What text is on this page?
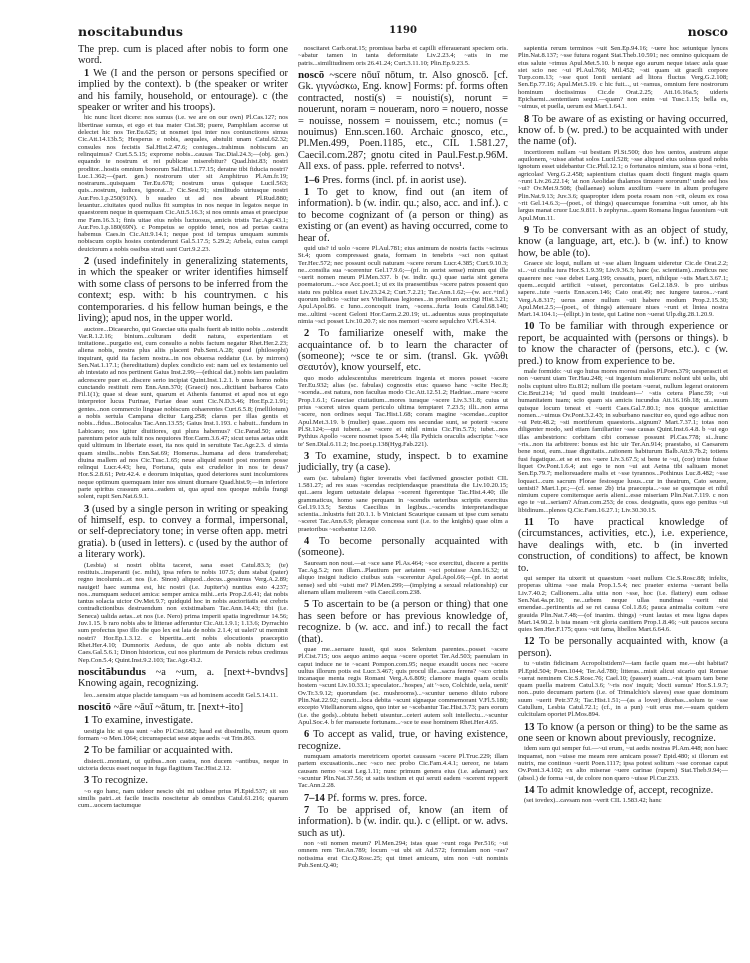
noscitabundus	1190	nosco

The prep. cum is placed after nobis to form one word.

1 We (I and the person or persons specified or implied by the context). b (the speaker or writer and his family, household, or entourage). c (the speaker or writer and his troops).

hic nunc licet dicere: nos sumus (i.e. we are on our own) Pl.Cas.127; nos libertinae sumus, et ego et tua mater Cist.38; puere, Pamphilam accerse ut delectet hic nos Ter.Eu.625; ut nosmet ipsi inter nos coniunctiores simus Cic.Att.14.13b.5; Hesperus e nobis, aequales, abstulit unam Catul.62.32; consules nos fecistis Sal.Hist.2.47.6; coniuges...trahimus nobiscum an relinquimus? Curt.5.5.15; exprome nobis...causas Tac.Dial.24.3;—(obj. gen.) equando te nostrum et rei publicae miserebitur? Quad.hist.83; nostri proditor...hostis omnium bonorum Sal.Hist.1.77.15; deratne tibi fiducia nostri? Luc.1.362;—(part. gen.) nostrorum uter sit Amphitruo Pl.Am.fr.19; nostrarum...quisquam Ter.Eu.678; nostrum unus quisque Lucil.563; quis...nostrum, iudices, ignorat...? Cic.Sest.91; similitudo utriusque nostri Aur.Fro.1.p.250(91N). b suadeo ut ad nos abeant Pl.Rud.880; leuantur...ciuitates quod nullus fit sumptus in nos neque in legatos neque in quaestorem neque in quemquam Cic.Att.5.16.3; si nos omnis amas et praecipue me Fam.16.3.1; finis uitae eius nobis luctuosus, amicis tristis Tac.Agr.43.1; Aur.Fro.1.p.180(69N). c Pompeius se oppido tenet, nos ad portas castra habemus Caes.in Cic.Att.9.14.1; neque post id tempus umquam summis nobiscum copiis hostes contenderunt Gal.5.17.5; 5.29.2; Arbela, cuius campi deuictorum a nobis ossibus strati sunt Curt.9.2.23.

2 (used indefinitely in generalizing statements, in which the speaker or writer identifies himself with some class of persons to be inferred from the context; esp. with: b his countrymen. c his contemporaries. d his fellow human beings, e the living); apud nos, in the upper world.

auctore...Dicaearcho, qui Graeciae uita qualis fuerit ab initio nobis ...ostendit Var.R.1.2.16; binium...culturam dedit natura, experientiam et imitatione...purgatio est, cum consulto a nobis factum negatur Rhet.Her.2.23; aliena nobis, nostra plus aliis placent Pub.Sent.A.28; quod (philosophi) inquirant, quid ita faciem nostra...in nos obuersa reddatur (i.e. by mirrors) Sen.Nat.1.17.1; (hereditatium) duplex condicio est: nam uel ex testamento uel ab intestato ad nos pertinent Gaius Inst.2.99;—(ethical dat.) nobis iam paulatim adcrescere puer et...discere serio incipiat Quint.Inst.1.2.1. b unus homo nobis cunctando restituit rem Enn.Ann.370; (Graeci) nos...dictitant barbaros Cato Fil.1(1); quae si deae sunt, quarum et Athenis fanumst et apud nos ut ego interpretor lucus Furinae, Furiae deae sunt Cic.N.D.3.46; Hor.Ep.2.1.91; gentes...non commercio linguae nobiscum cohaerentes Curt.6.5.8; (mellilotum) a nobis sertula Campana dicitur Larg.258; clarus per illas gentis et nobis...fidus...Boiocalus Tac.Ann.13.55; Gaius Inst.1.193. c habuit...fundum in Labicano; nos igitur diuitiores, qui plura habemus? Cic.Parad.50; aetas parentum peior auis tulit nos nequiores Hor.Carm.3.6.47; sicut uetus aetas uidit quid ultimum in libertate esset, ita nos quid in seruitute Tac.Agr.2.3. d simia quam similis...nobis Enn.Sat.69; Homerus...humana ad deos transferebat; diuina mallem ad nos Cic.Tusc.1.65; neue aliquid nostri post mortem posse relinqui Lucr.4.43; heu, Fortuna, quis est crudelior in nos te deus? Hor.S.2.8.61; Petr.42.4. e deorum iniquitas, quod deteriores sunt incolumiores neque optimum quemquam inter nos sinunt diurnare Quad.hist.9;—in inferiore parte spiritus crassum aera...eadem ui, qua apud nos quoque nubila frangi solent, rupit Sen.Nat.6.9.1.

3 (used by a single person in writing or speaking of himself, esp. to convey a formal, impersonal, or self-depreciatory tone; in verse often app. metri gratia). b (used in letters). c (used by the author of a literary work).

(Lesbia) si nostri oblita taceret, sana esset Catul.83.3; (te) restituis...insperanti (sc. mihi), ipsa refers te nobis 107.5; dum stabat (pater) regno incolumis...et nos (i.e. Sinon) aliquod...decus...gessimus Verg.A.2.89; nauiget! haec summa est, hic nostri (i.e. Jupiter's) nuntius esto 4.237; nos...numquam seducet amica: semper amica mihi...eris Prop.2.6.41; dat nobis tantus solacia uictor Ov.Met.9.7; quidquid hoc in nobis auctoritatis est crebris contradictionibus destruendum non existimabam Tac.Ann.14.43; tibi (i.e. Seneca) ualida aetas...et nos (i.e. Nero) prima imperii spatia ingredimur 14.56; Juv.1.15. b raro nobis abs te litterae adferuntur Cic.Att.1.9.1; 1.13.6; Dyrrachio sum profectus ipso illo die quo lex est lata de nobis 2.1.4; ut ualet? ut meminit nostri? Hor.Ep.1.3.12. c bipertita...erit nobis elocutionis praeceptio Rhet.Her.4.10; Dumnorix Aeduus, de quo ante ab nobis dictum est Caes.Gal.5.6.1; Dinon historicus, cui nos plurimum de Persicis rebus credimus Nep.Con.5.4; Quint.Inst.9.2.103; Tac.Agr.43.2.

noscitābundus ~a ~um, a. [next+-bvndvs] Knowing again, recognizing.

leo...sensim atque placide tamquam ~us ad hominem accedit Gel.5.14.11.

noscitō ~āre ~āuī ~ātum, tr. [next+-ito]

1 To examine, investigate.

uestigia hic si qua sunt ~abo Pl.Cist.682; haud est dissimilis, meum quom formam ~o Men.1064; circumspectat sese atque aedis ~at Trin.863.

2 To be familiar or acquainted with.

disiecti...montani, ut quibus...non castra, non ducem ~antibus, neque in uictoria decus esset neque in fuga flagitium Tac.Hist.2.12.

3 To recognize.

~o ego hanc, nam uideor nescio ubi mi uidisse prius Pl.Epid.537; sit suo similis patri...et facile insciis noscitetur ab omnibus Catul.61.216; quarum cum...uocem tactumque

noscitaret Carb.orat.15; promissa barba et capilli efferauerant speciem oris. ~abatur tamen in tanta deformitate Liv.2.23.4; ~atis in me patris...similitudinem oris 26.41.24; Curt.3.11.10; Plin.Ep.9.23.5.

noscō ~scere nōuī nōtum, tr. Also gnoscō. [cf. Gk. γιγνώσκω, Eng. know] Forms: pf. forms often contracted, nosti(s) = nouisti(s), norunt = nouerunt, noram = noueram, noro = nouero, nosse = nouisse, nossem = nouissem, etc.; nomus (= nouimus) Enn.scen.160. Archaic gnosco, etc., Pl.Men.499, Poen.1185, etc., CIL 1.581.27, Caecil.com.287; gnotu cited in Paul.Fest.p.96M. All exs. of pass. pple. referred to notvs¹.

1–6 Pres. forms (incl. pf. in aorist use).

1 To get to know, find out (an item of information). b (w. indir. qu.; also, acc. and inf.). c to become cognizant of (a person or thing) as existing or (an event) as having occurred, come to hear of.

quid uis? id uolo ~scere Pl.Aul.781; eius animum de nostris factis ~scimus St.4; quom compressast gnata, formam in tenebris ~sci non quitast Ter.Hec.572; nec possunt oculi naturam ~scere rerum Lucr.4.385; Curt.9.10.3; ne...consilia sua ~scerentur Gel.17.9.6;—(pf. in aorist sense) mirum qui ille ~uerit nomen meum Pl.Men.337. b (w. indir. qu.) quae uaria sint genera poematorum...~sce Acc.poet.1; ut ex iis praesentibus ~scere patres possent quo statu res publica esset Liv.23.24.2; Curt.7.2.21; Tac.Ann.1.62;—(w. acc.+inf.) quorum indicio ~scitur sex Vitellianas legiones...in proelium accingi Hist.3.21; Apul.Apol.86. c Iuno...concoquit iram, ~scens...furta Iouis Catul.68.140; me...ultimi ~scent Geloni Hor.Carm.2.20.19; ut...aduentus suus propinquitate nimia ~sci posset Liv.10.20.7; sic nos memori ~scere sepulchro V.Fl.4.314.

2 To familiarize oneself with, make the acquaintance of. b to learn the character of (someone); ~sce te or sim. (transl. Gk. γνῶθι σεαυτόν), know yourself, etc.

quo modo adulescentulus meretricum ingenia et mores posset ~scere Ter.Eu.932; alias (sc. fabulas) cognostis eius: quaeso hanc ~scite Hec.8; ~scenda...est natura, non facultas modo Cic.Att.12.51.2; Hadriae...mare ~scere Prop.1.6.1; Graeciae ciuitatium...mores iuraque ~scere Liv.3.31.8; cuius ut prius ~sceret uires quam periculo ultima temptaret 7.23.5; illi...non arma ~scere, non ordines sequi Tac.Hist.1.68; coram magine ~scendae...cupitor Apul.Met.3.19. b (mulier) quae...quom res secundae sunt, se poterit ~scere Pl.St.124;—qui iubent...se ~scere et nihil nimia Cic.Fin.5.73; iubet...nos Pythius Apollo ~scere nosmet ipsos 5.44; illa Pythicis oraculis adscripta: '~sce te' Sen.Dial.6.11.2; Inc.poet.p.138(Hyg.Fab.221).

3 To examine, study, inspect. b to examine judicially, try (a case).

eam (sc. tabulam) figier ioveratis vbei facilvmed gnoscier potisit CIL 1.581.27; ad res suas ~scendas recipiendasque praestituta die Liv.10.20.15; qui...aera legum uetustate delapsa ~scerent figerentque Tac.Hist.4.40; ille grammaticus, homo sane perquam in ~scendis ueteribus scriptis exercitus Gel.19.13.5; Sextus Caecilius in legibus...~scendis interpretandisque scientia...inlustris fuit 20.1.1. b Viniciani Scaurique causam ut ipse cum senatu ~sceret Tac.Ann.6.9; pleraque concessa sunt (i.e. to the knights) quae olim a praetoribus ~scebantur 12.60.

4 To become personally acquainted with (someone).

Sauream non noui.—at ~sce sane Pl.As.464; ~sce exercitui, discere a peritis Tac.Ag.5.2; non illam...Plautium per aetatem ~sci potuisse Ann.16.32; ut aliquo insigni iudicio ciuibus suis ~scerentur Apul.Apol.66;—(pf. in aorist sense) sed ubi ~uisti me? Pl.Men.299;—(implying a sexual relationship) cur alienam ullam mulierem ~stis Caecil.com.238.

5 To ascertain to be (a person or thing) that one has seen before or has previous knowledge of, recognize. b (w. acc. and inf.) to recall the fact (that).

quae me...seruare iussit, qui suos Selenium parentes...posset ~scere Pl.Cist.715; uos aequo animo aequa ~scere oportet Ter.Ad.503; paenulam in caput induce ne te ~scant Pompon.com.95; neque exaudit uoces nec ~scere uultus illorum potis est Lucr.3.467; quis procul ille...sacra ferens? ~sco crinis incanaque menta regis Romani Verg.A.6.809; clamore magis quam oculis hostem ~scunt Liv.10.33.1; speculator...'hospes,' ait '~sco, Colchide, uela, uenit' Ov.Tr.3.9.12; quorundam (sc. mushrooms)...~scuntur ueneno diluto rubore Plin.Nat.22.92; cuncti...loca debita ~scunt signaque commemorant V.Fl.5.180; excepto Vitellianorum signo, quo inter se ~scebantur Tac.Hist.3.73; pars eorum (i.e. the gods)...obtutu hebeti uisuntur...ceteri autem soli intellectu...~scuntur Apul.Soc.4. b fer mansuete fortunam...~sce te esse hominem Rhet.Her.4.65.

6 To accept as valid, true, or having existence, recognize.

numquam amatoris meretricem oportet caussam ~scere Pl.Truc.229; illam partem excusationis...nec ~sco nec probo Cic.Fam.4.4.1; uereor, ne istam causam nemo ~scat Leg.1.11; nunc primum genera eius (i.e. adamant) sex ~scuntur Plin.Nat.37.56; ut satis testium et qui seruti eadem ~scerent repperit Tac.Ann.2.28.

7–14 Pf. forms w. pres. force.

7 To be apprised of, know (an item of information). b (w. indir. qu.). c (ellipt. or w. advs. such as ut).

non ~sti nomen meum? Pl.Men.294; istas quae ~runt roga Per.516; ~ui omnem rem Ter.An.789; locum ~ui ubi sit Ad.572; formulam non ~ras? notissima erat Cic.Q.Rosc.25; qui timet amicum, uim non ~uit nominis Pub.Sent.Q.40;

sapientia rerum terminos ~uit Sen.Ep.94.16; ~uere hoc seiuntque lynces Plin.Nat.8.137; ~sse futura rogant Stat.Theb.10.591; nec omnino quicquam de eius salute ~rimus Apul.Met.5.10. b neque ego aurum neque istaec aula quae siet scio nec ~ui Pl.Aul.766; Mil.452; ~sti quam sit gracili corpore Turp.com.13; ~sse quot Ionii ueniant ad litora fluctus Verg.G.2.108; Sen.Ep.77.16; Apul.Met.5.19. c hic fuit..., ut ~ramus, omnium fere nostrorum hominum doctissimus Cic.de Orat.2.25; Att.16.16a.5; uideris Epicharmi...sententiam sequi.—quam? non enim ~ui Tusc.1.15; bella es, ~uimus, et puella, uerum est Mart.1.64.1.

8 To be aware of as existing or having occurred, know of. b (w. pred.) to be acquainted with under the name (of).

incertiorem nullam ~ui bestiam Pl.St.500; duo hos uentos, austrum atque aquilonem, ~uisse aiebat solos Lucil.528; ~sse aliquod eius uolnus quod nobis ignotum esset uidebantur Cic.Phil.12.1; o fortunatos nimium, sua si bona ~rint, agricolas! Verg.G.2.458; sapientium ciuitas quam docti fingunt magis quam ~runt Liv.26.22.14; 'at non Aeolidae thalamos timuere sororum!' unde sed hos ~ui? Ov.Met.9.508; (ballaenae) solum auxilium ~uere in altum profugere Plin.Nat.9.13; Juv.3.6; quapropter idem poeta rosam non ~rit, oleum ex rosa ~rit Gel.14.6.3;—(poet., of things) quaecumque foramina ~uit umor, ab his largus manat cruor Luc.9.811. b zephyrus...quem Romana lingua fauonium ~uit Apul.Mun.11.

9 To be conversant with as an object of study, know (a language, art, etc.). b (w. inf.) to know how, be able (to).

Graece sic loqui, nullam ut ~sse aliam linguam uideretur Cic.de Orat.2.2; si...~ui ciuilia iura Hor.S.1.9.39; Liv.9.36.3; hanc (sc. scientiam)...medicus nec quaerere nec ~sse debet Larg.199; cessatis, pueri, nihilque ~stis Mart.3.67.1; quem...ecquid artificii ~uisset, percontatus Gel.2.18.9. b pro uiribus sapere...tute ~ueris Enn.scen.146; Cato orat.49; nec iungere tauros...~rant Verg.A.8.317; uerus amor nullum ~uit habere modum Prop.2.15.30; Apul.Met.2.5;—(poet., of things) attenuare niues ~runt et lintea nostra Mart.14.104.1;—(ellipt.) in teste, qui Latine non ~uerat Ulp.dig.28.1.20.9.

10 To be familiar with through experience or report, be acquainted with (persons or things). b to know the character of (persons, etc.). c (w. pred.) to know from experience to be.

male formido: ~ui ego huius mores morosi malos Pl.Poen.379; uesperascit et non ~uerunt uiam Ter.Hau.248; ~ui ingenium mulierum: nolunt ubi uelis, ubi nolis cupiunt ultro Eu.812; nullum ille poetam ~uerat, nullum legerat oratorem Cic.Brut.214; 'id quod multi inuideant—' ~stis cetera Planc.59; ~ui humanitatem tuam; scio quam sis amicis iucundus Att.16.16b.18; ut...suum quisque locum teneat et ~uerit Caes.Gal.7.80.1; nos quoque amicitiae nomen...~uimus Ov.Pont.3.2.43; in suburbano nascitur eo, quod ego adhuc non ~ui Petr.48.2; ~sti mortiferum quaestoris...signum? Mart.7.37.1; totas non diligenter modo, sed etiam familiariter ~sse causas Quint.Inst.6.4.8. b ~ui ego illas ambestriors: corbitam cibi comesse possunt Pl.Cas.778; si...hunc ~ris...non ita arbitrere: bonus est hic uir Ter.An.914; praestabo, si Caesarem bene noui, eum...tuae dignitatis...rationem habiturum Balb.Att.9.7b.2; totiens fusi fugatique...et se et nos ~uere Liv.3.67.5; si bene te ~ui, (cor) triste fuisse liquet Ov.Pont.1.6.4; aut ego te non ~ui aut Aetna tibi saliuam monet Sen.Ep.79.7; meliorsuadere malis et ~sse tyrannos...Pothinus Luc.8.482; ~sse loquaci...cum sacrum Florae festosque lusus...cur in theatrum, Cato seuere, uenisti? Mart.1.pr.;—(cf. sense 2b) tria praecepta...~sse se quemque et nihil nimium cupere comitemque aeris alieni...esse miseriam Plin.Nat.7.119. c non ego te ~ui...seriam? Afran.com.253; de coss. designatis, quos ego penitus ~ui libidinum...plenos Q.Cic.Fam.16.27.1; Liv.30.30.15.

11 To have practical knowledge of (circumstances, activities, etc.), i.e. experience, have dealings with, etc. b (in inverted construction, of conditions) to affect, be known to.

qui semper ita uixerit ut quaestum ~sset nullum Cic.S.Rosc.88; infelix, properas ultima ~sse mala Prop.1.5.4; nec praeter externa ~uerant bella Liv.7.40.2; Callionem...alia uitia non ~sse, hoc (i.e. flattery) eum odisse Sen.Nat.4a.pr.10; ne...urbem neque ullas nundinas ~uerit nisi emendae...pertinentis ad se rei causa Col.1.8.6; pauca animalia coitum ~ere grauida Plin.Nat.7.48;—(of inanim. things) ~runt lautas et mea ligna dapes Mart.14.90.2. b ista meam ~rit gloria canitiem Prop.1.8.46; ~uit paucos secura quies Sen.Her.F.175; quos ~uit fama, libellos Mart.6.64.6.

12 To be personally acquainted with, know (a person).

tu ~uistin fidicinam Acropolistidem?—tam facile quam me.—ubi habitat? Pl.Epid.504; Poen.1044; Ter.Ad.780; litteras...misit alicui sicario qui Romae ~uerat neminem Cic.S.Rosc.76; Cael.10; (passer) suam...~rat ipsam tam bene quam puella matrem Catul.3.6; '~ris nos' inquit; 'docti sumus' Hor.S.1.9.7; non...puto decumam partem (i.e. of Trimalchio's slaves) esse quae dominum suum ~uerit Petr.37.9; Tac.Hist.1.51;—(as a lover) dicebas...solum te ~sse Catullum, Lesbia Catul.72.1; (cf., in a pun) ~uit erus me.—suam quidem culcitulam oportet Pl.Mos.894.

13 To know (a person or thing) to be the same as one seen or known about previously, recognize.

idem sum qui semper fui.—~ui erum, ~ui aedis nostras Pl.Am.448; non haec inquamst, non ~uisse me meam rere amicam posse? Epid.480; si illorum est nutrix, me continuo ~uerit Poen.1117; ipsa potest solitum ~sse coronae caput Ov.Pont.3.4.102; ex alto miserae ~uere carinae (rupem) Stat.Theb.9.94;—(absol.) de forma ~ui, de colore non quero ~uisse Pl.Cur.233.

14 To admit knowledge of, accept, recognize.

(sei iovdex)...cavsam non ~verit CIL 1.583.42; hanc
